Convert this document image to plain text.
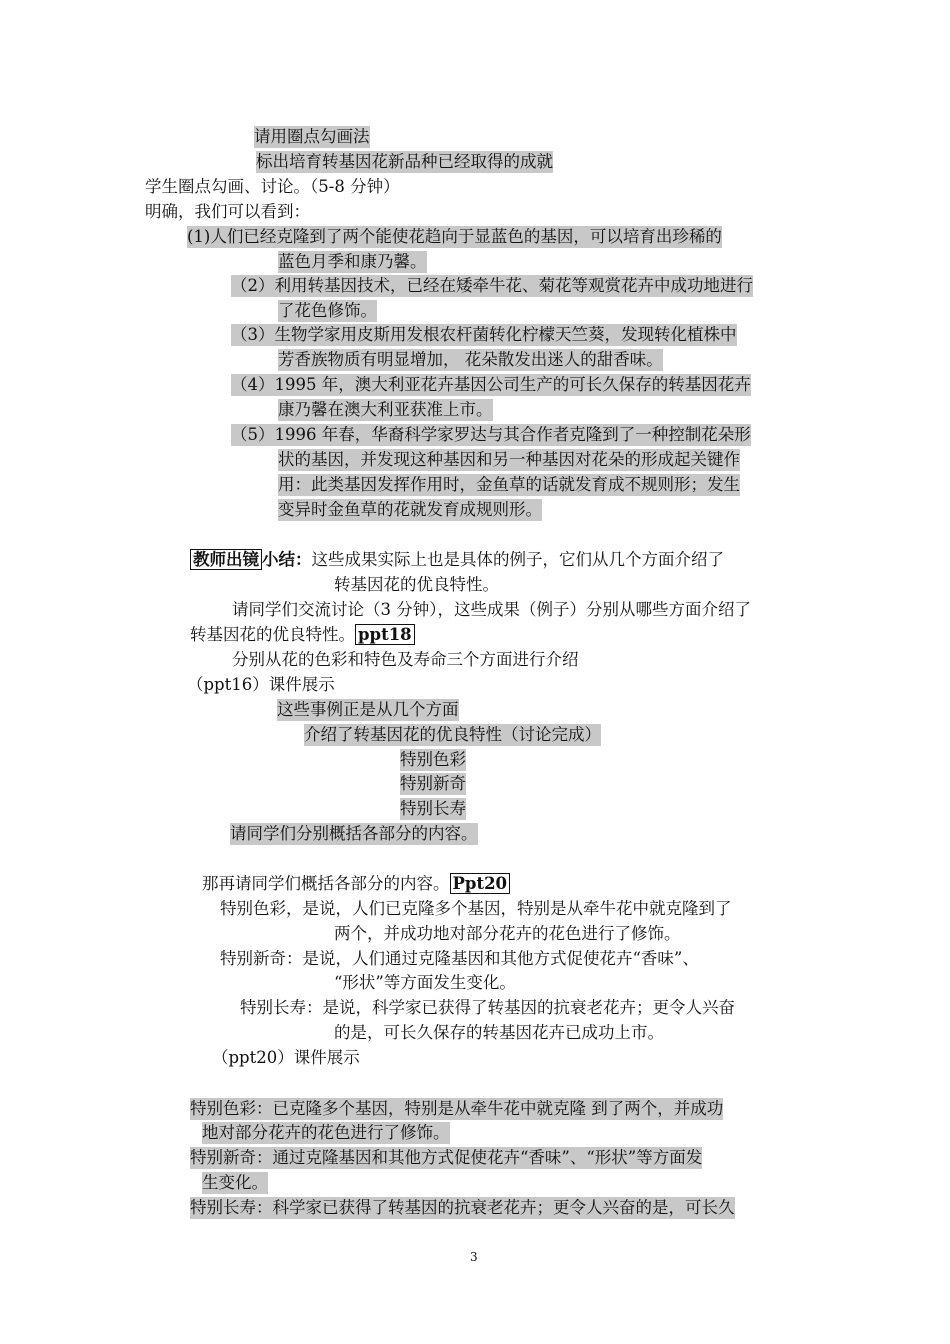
请用圈点勾画法
标出培育转基因花新品种已经取得的成就
学生圈点勾画、讨论。（5-8 分钟）
明确，我们可以看到：
(1)人们已经克隆到了两个能使花趋向于显蓝色的基因，可以培育出珍稀的
蓝色月季和康乃馨。
（2）利用转基因技术，已经在矮牵牛花、菊花等观赏花卉中成功地进行
了花色修饰。
（3）生物学家用皮斯用发根农杆菌转化柠檬天竺葵，发现转化植株中
芳香族物质有明显增加， 花朵散发出迷人的甜香味。
（4）1995 年，澳大利亚花卉基因公司生产的可长久保存的转基因花卉
康乃馨在澳大利亚获准上市。
（5）1996 年春，华裔科学家罗达与其合作者克隆到了一种控制花朵形
状的基因，并发现这种基因和另一种基因对花朵的形成起关键作
用：此类基因发挥作用时，金鱼草的话就发育成不规则形；发生
变异时金鱼草的花就发育成规则形。
教师出镜 小结：这些成果实际上也是具体的例子，它们从几个方面介绍了
转基因花的优良特性。
请同学们交流讨论（3 分钟），这些成果（例子）分别从哪些方面介绍了
转基因花的优良特性。 ppt18
分别从花的色彩和特色及寿命三个方面进行介绍
（ppt16）课件展示
这些事例正是从几个方面
介绍了转基因花的优良特性（讨论完成）
特别色彩
特别新奇
特别长寿
请同学们分别概括各部分的内容。
那再请同学们概括各部分的内容。 Ppt20
特别色彩，是说，人们已克隆多个基因，特别是从牵牛花中就克隆到了
两个，并成功地对部分花卉的花色进行了修饰。
特别新奇：是说，人们通过克隆基因和其他方式促使花卉“香味”、
“形状”等方面发生变化。
特别长寿：是说，科学家已获得了转基因的抗衰老花卉；更令人兴奋
的是，可长久保存的转基因花卉已成功上市。
（ppt20）课件展示
特别色彩：已克隆多个基因，特别是从牵牛花中就克隆 到了两个，并成功
地对部分花卉的花色进行了修饰。
特别新奇：通过克隆基因和其他方式促使花卉“香味”、“形状”等方面发
生变化。
特别长寿：科学家已获得了转基因的抗衰老花卉；更令人兴奋的是，可长久
3
